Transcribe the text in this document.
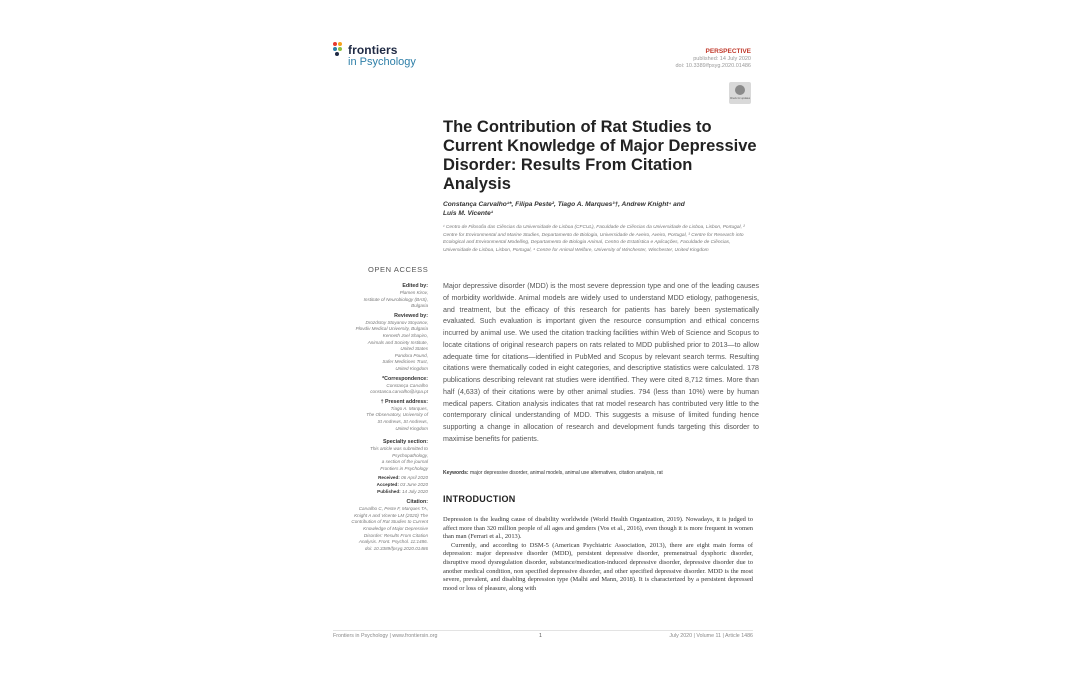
frontiers
in Psychology
PERSPECTIVE
published: 14 July 2020
doi: 10.3389/fpsyg.2020.01486
Check for updates
The Contribution of Rat Studies to Current Knowledge of Major Depressive Disorder: Results From Citation Analysis
Constança Carvalho¹*, Filipa Peste², Tiago A. Marques³†, Andrew Knight⁴ and
Luís M. Vicente¹
¹ Centro de Filosofia das Ciências da Universidade de Lisboa (CFCUL), Faculdade de Ciências da Universidade de Lisboa, Lisbon, Portugal, ² Centre for Environmental and Marine Studies, Departamento de Biologia, Universidade de Aveiro, Aveiro, Portugal, ³ Centre for Research into Ecological and Environmental Modelling, Departamento de Biologia Animal, Centro de Estatística e Aplicações, Faculdade de Ciências, Universidade de Lisboa, Lisbon, Portugal, ⁴ Centre for Animal Welfare, University of Winchester, Winchester, United Kingdom
OPEN ACCESS
Edited by:
Plamen Kirov,
Institute of Neurobiology (BAS),
Bulgaria
Reviewed by:
Drozdstoy Stoyanov Stoyanov,
Plovdiv Medical University, Bulgaria
Kenneth Joel Shapiro,
Animals and Society Institute,
United States
Pandora Pound,
Safer Medicines Trust,
United Kingdom
*Correspondence:
Constança Carvalho
constanca.carvalho@ispa.pt
† Present address:
Tiago A. Marques,
The Observatory, University of
St Andrews, St Andrews,
United Kingdom
Specialty section:
This article was submitted to
Psychopathology,
a section of the journal
Frontiers in Psychology
Received: 06 April 2020
Accepted: 03 June 2020
Published: 14 July 2020
Citation:
Carvalho C, Peste F, Marques TA,
Knight A and Vicente LM (2020) The
Contribution of Rat Studies to Current
Knowledge of Major Depressive
Disorder: Results From Citation
Analysis. Front. Psychol. 11:1486.
doi: 10.3389/fpsyg.2020.01486
Major depressive disorder (MDD) is the most severe depression type and one of the leading causes of morbidity worldwide. Animal models are widely used to understand MDD etiology, pathogenesis, and treatment, but the efficacy of this research for patients has barely been systematically evaluated. Such evaluation is important given the resource consumption and ethical concerns incurred by animal use. We used the citation tracking facilities within Web of Science and Scopus to locate citations of original research papers on rats related to MDD published prior to 2013—to allow adequate time for citations—identified in PubMed and Scopus by relevant search terms. Resulting citations were thematically coded in eight categories, and descriptive statistics were calculated. 178 publications describing relevant rat studies were identified. They were cited 8,712 times. More than half (4,633) of their citations were by other animal studies. 794 (less than 10%) were by human medical papers. Citation analysis indicates that rat model research has contributed very little to the contemporary clinical understanding of MDD. This suggests a misuse of limited funding hence supporting a change in allocation of research and development funds targeting this disorder to maximise benefits for patients.
Keywords: major depressive disorder, animal models, animal use alternatives, citation analysis, rat
INTRODUCTION

Depression is the leading cause of disability worldwide (World Health Organization, 2019). Nowadays, it is judged to affect more than 320 million people of all ages and genders (Vos et al., 2016), even though it is more frequent in women than man (Ferrari et al., 2013).

Currently, and according to DSM-5 (American Psychiatric Association, 2013), there are eight main forms of depression: major depressive disorder (MDD), persistent depressive disorder, premenstrual dysphoric disorder, disruptive mood dysregulation disorder, substance/medication-induced depressive disorder, depressive disorder due to another medical condition, non specified depressive disorder, and other specified depressive disorder. MDD is the most severe, prevalent, and disabling depression type (Malhi and Mann, 2018). It is characterized by a persistent depressed mood or loss of pleasure, along with

Frontiers in Psychology | www.frontiersin.org	1	July 2020 | Volume 11 | Article 1486
